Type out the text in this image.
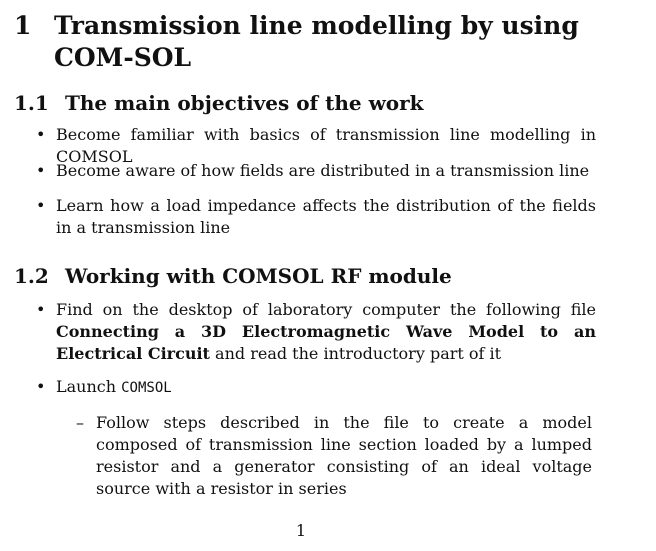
1 Transmission line modelling by using COM-SOL
1.1 The main objectives of the work
• Become familiar with basics of transmission line modelling in COMSOL
• Become aware of how fields are distributed in a transmission line
• Learn how a load impedance affects the distribution of the fields in a transmission line
1.2 Working with COMSOL RF module
• Find on the desktop of laboratory computer the following file Connecting a 3D Electromagnetic Wave Model to an Electrical Circuit and read the introductory part of it
• Launch COMSOL
– Follow steps described in the file to create a model composed of transmission line section loaded by a lumped resistor and a generator consisting of an ideal voltage source with a resistor in series
1
